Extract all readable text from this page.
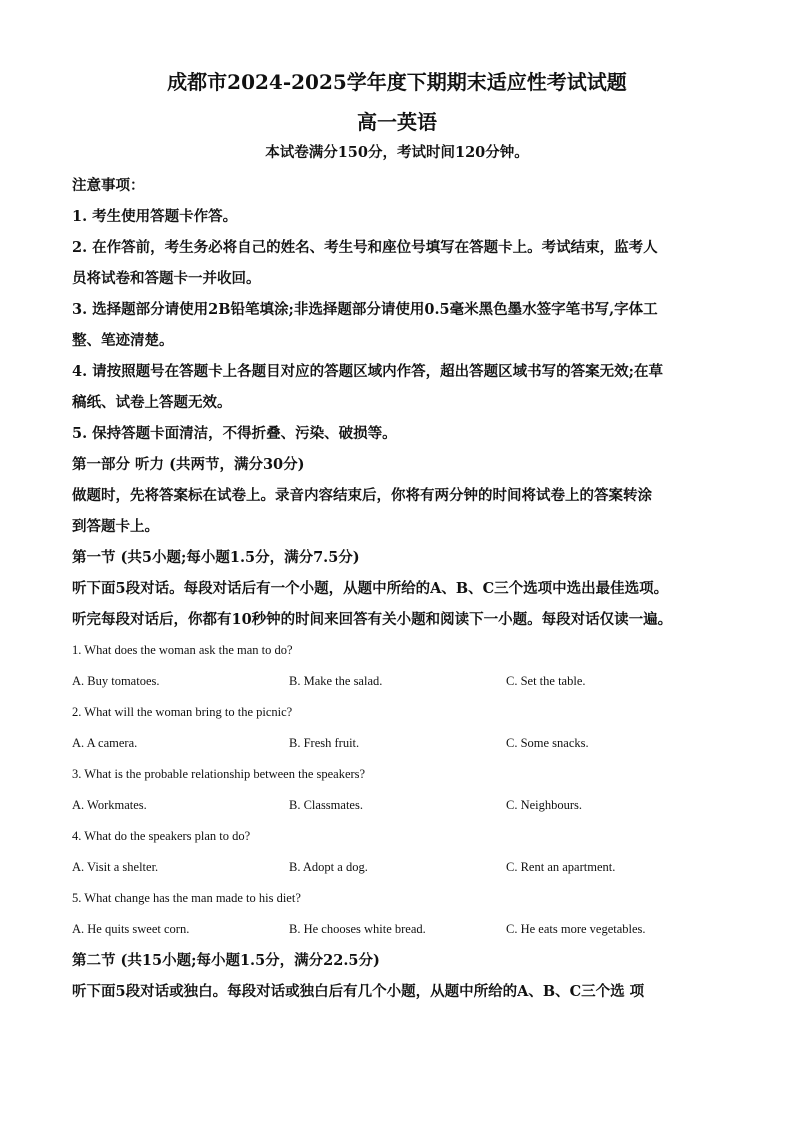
成都市2024-2025学年度下期期末适应性考试试题
高一英语
本试卷满分150分，考试时间120分钟。
注意事项：
1. 考生使用答题卡作答。
2. 在作答前，考生务必将自己的姓名、考生号和座位号填写在答题卡上。考试结束，监考人
员将试卷和答题卡一并收回。
3. 选择题部分请使用2B铅笔填涂;非选择题部分请使用0.5毫米黑色墨水签字笔书写,字体工
整、笔迹清楚。
4. 请按照题号在答题卡上各题目对应的答题区域内作答，超出答题区域书写的答案无效;在草
稿纸、试卷上答题无效。
5. 保持答题卡面清洁，不得折叠、污染、破损等。
第一部分 听力 (共两节，满分30分)
做题时，先将答案标在试卷上。录音内容结束后，你将有两分钟的时间将试卷上的答案转涂
到答题卡上。
第一节 (共5小题;每小题1.5分，满分7.5分)
听下面5段对话。每段对话后有一个小题，从题中所给的A、B、C三个选项中选出最佳选项。
听完每段对话后，你都有10秒钟的时间来回答有关小题和阅读下一小题。每段对话仅读一遍。
1. What does the woman ask the man to do?
A. Buy tomatoes.	B. Make the salad.	C. Set the table.
2. What will the woman bring to the picnic?
A. A camera.	B. Fresh fruit.	C. Some snacks.
3. What is the probable relationship between the speakers?
A. Workmates.	B. Classmates.	C. Neighbours.
4. What do the speakers plan to do?
A. Visit a shelter.	B. Adopt a dog.	C. Rent an apartment.
5. What change has the man made to his diet?
A. He quits sweet corn.	B. He chooses white bread.	C. He eats more vegetables.
第二节 (共15小题;每小题1.5分，满分22.5分)
听下面5段对话或独白。每段对话或独白后有几个小题，从题中所给的A、B、C三个选 项
